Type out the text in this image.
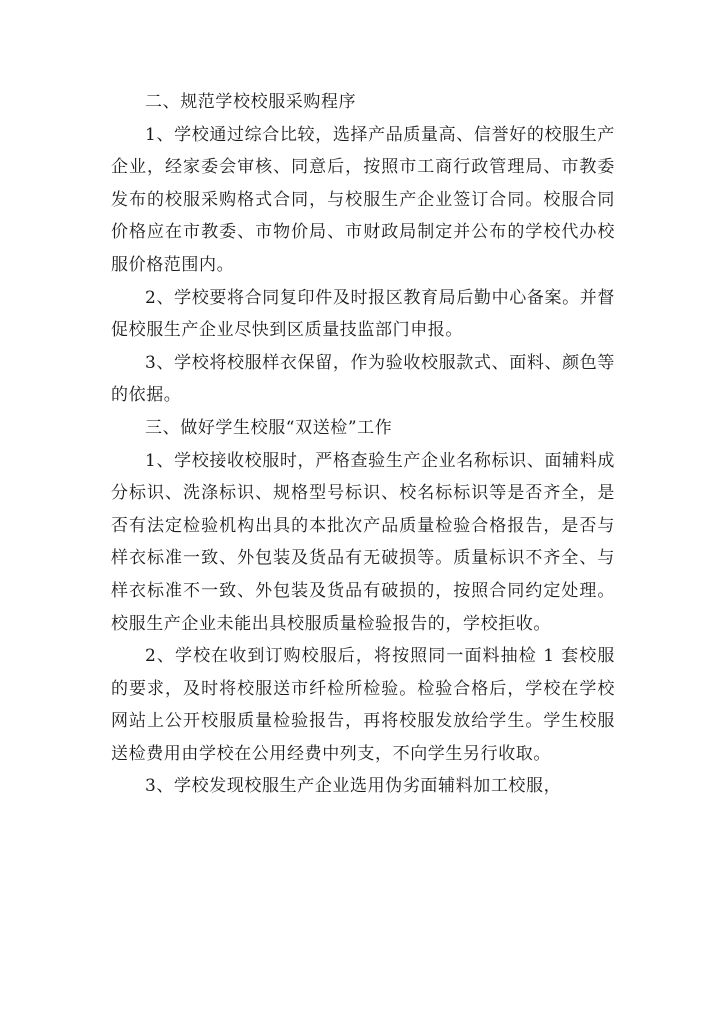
二、规范学校校服采购程序

1、学校通过综合比较，选择产品质量高、信誉好的校服生产企业，经家委会审核、同意后，按照市工商行政管理局、市教委发布的校服采购格式合同，与校服生产企业签订合同。校服合同价格应在市教委、市物价局、市财政局制定并公布的学校代办校服价格范围内。

2、学校要将合同复印件及时报区教育局后勤中心备案。并督促校服生产企业尽快到区质量技监部门申报。

3、学校将校服样衣保留，作为验收校服款式、面料、颜色等的依据。

三、做好学生校服“双送检”工作

1、学校接收校服时，严格查验生产企业名称标识、面辅料成分标识、洗涤标识、规格型号标识、校名标标识等是否齐全，是否有法定检验机构出具的本批次产品质量检验合格报告，是否与样衣标准一致、外包装及货品有无破损等。质量标识不齐全、与样衣标准不一致、外包装及货品有破损的，按照合同约定处理。校服生产企业未能出具校服质量检验报告的，学校拒收。

2、学校在收到订购校服后，将按照同一面料抽检 1 套校服的要求，及时将校服送市纤检所检验。检验合格后，学校在学校网站上公开校服质量检验报告，再将校服发放给学生。学生校服送检费用由学校在公用经费中列支，不向学生另行收取。

3、学校发现校服生产企业选用伪劣面辅料加工校服，
